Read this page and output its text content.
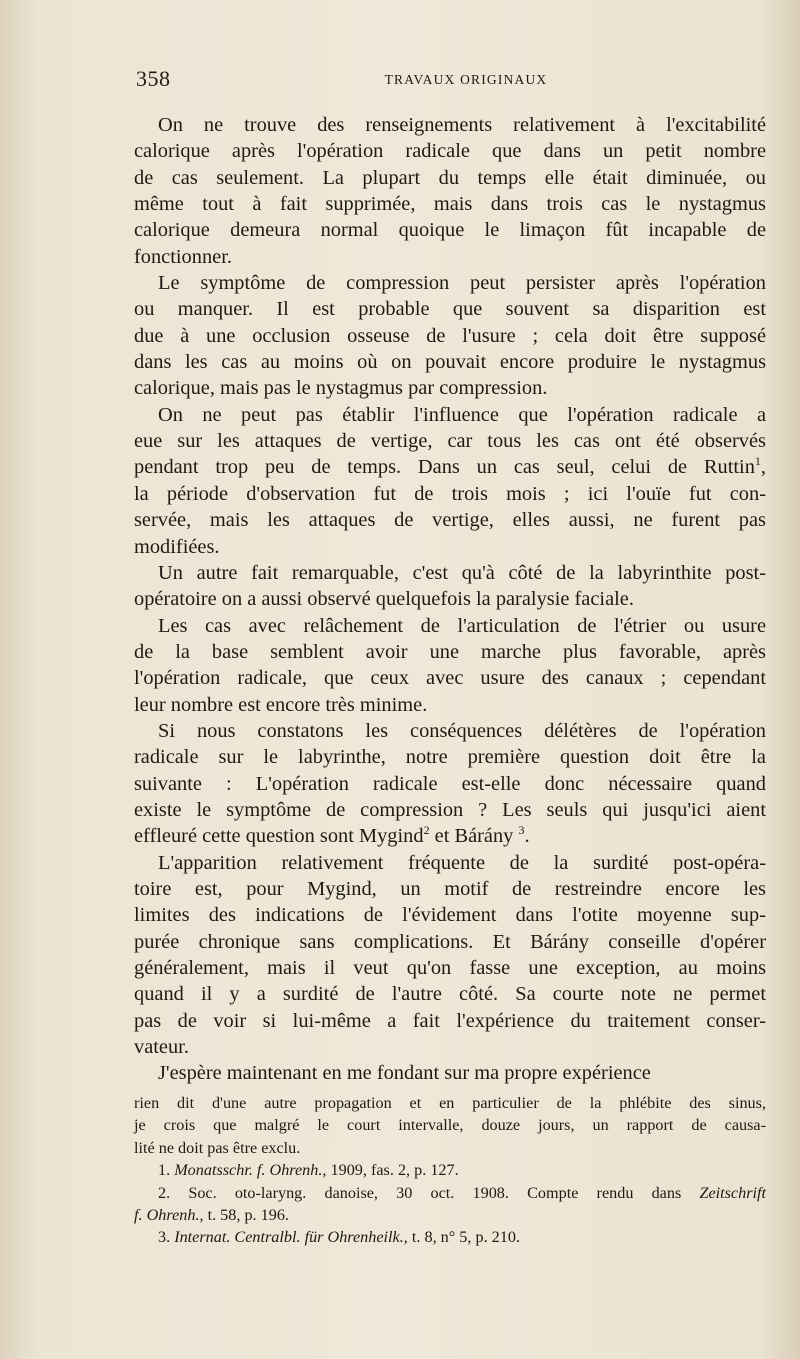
358	TRAVAUX ORIGINAUX
On ne trouve des renseignements relativement à l'excitabilité
calorique après l'opération radicale que dans un petit nombre
de cas seulement. La plupart du temps elle était diminuée, ou
même tout à fait supprimée, mais dans trois cas le nystagmus
calorique demeura normal quoique le limaçon fût incapable de
fonctionner.
Le symptôme de compression peut persister après l'opération
ou manquer. Il est probable que souvent sa disparition est
due à une occlusion osseuse de l'usure ; cela doit être supposé
dans les cas au moins où on pouvait encore produire le nystagmus
calorique, mais pas le nystagmus par compression.
On ne peut pas établir l'influence que l'opération radicale a
eue sur les attaques de vertige, car tous les cas ont été observés
pendant trop peu de temps. Dans un cas seul, celui de Ruttin$^1$,
la période d'observation fut de trois mois ; ici l'ouïe fut con-
servée, mais les attaques de vertige, elles aussi, ne furent pas
modifiées.
Un autre fait remarquable, c'est qu'à côté de la labyrinthite post-
opératoire on a aussi observé quelquefois la paralysie faciale.
Les cas avec relâchement de l'articulation de l'étrier ou usure
de la base semblent avoir une marche plus favorable, après
l'opération radicale, que ceux avec usure des canaux ; cependant
leur nombre est encore très minime.
Si nous constatons les conséquences délétères de l'opération
radicale sur le labyrinthe, notre première question doit être la
suivante : L'opération radicale est-elle donc nécessaire quand
existe le symptôme de compression ? Les seuls qui jusqu'ici aient
effleuré cette question sont Mygind$^2$ et Bárány $^3$.
L'apparition relativement fréquente de la surdité post-opéra-
toire est, pour Mygind, un motif de restreindre encore les
limites des indications de l'évidement dans l'otite moyenne sup-
purée chronique sans complications. Et Bárány conseille d'opérer
généralement, mais il veut qu'on fasse une exception, au moins
quand il y a surdité de l'autre côté. Sa courte note ne permet
pas de voir si lui-même a fait l'expérience du traitement conser-
vateur.
J'espère maintenant en me fondant sur ma propre expérience
rien dit d'une autre propagation et en particulier de la phlébite des sinus,
je crois que malgré le court intervalle, douze jours, un rapport de causa-
lité ne doit pas être exclu.
1. Monatsschr. f. Ohrenh., 1909, fas. 2, p. 127.
2. Soc. oto-laryng. danoise, 30 oct. 1908. Compte rendu dans Zeitschrift
f. Ohrenh., t. 58, p. 196.
3. Internat. Centralbl. für Ohrenheilk., t. 8, n° 5, p. 210.
